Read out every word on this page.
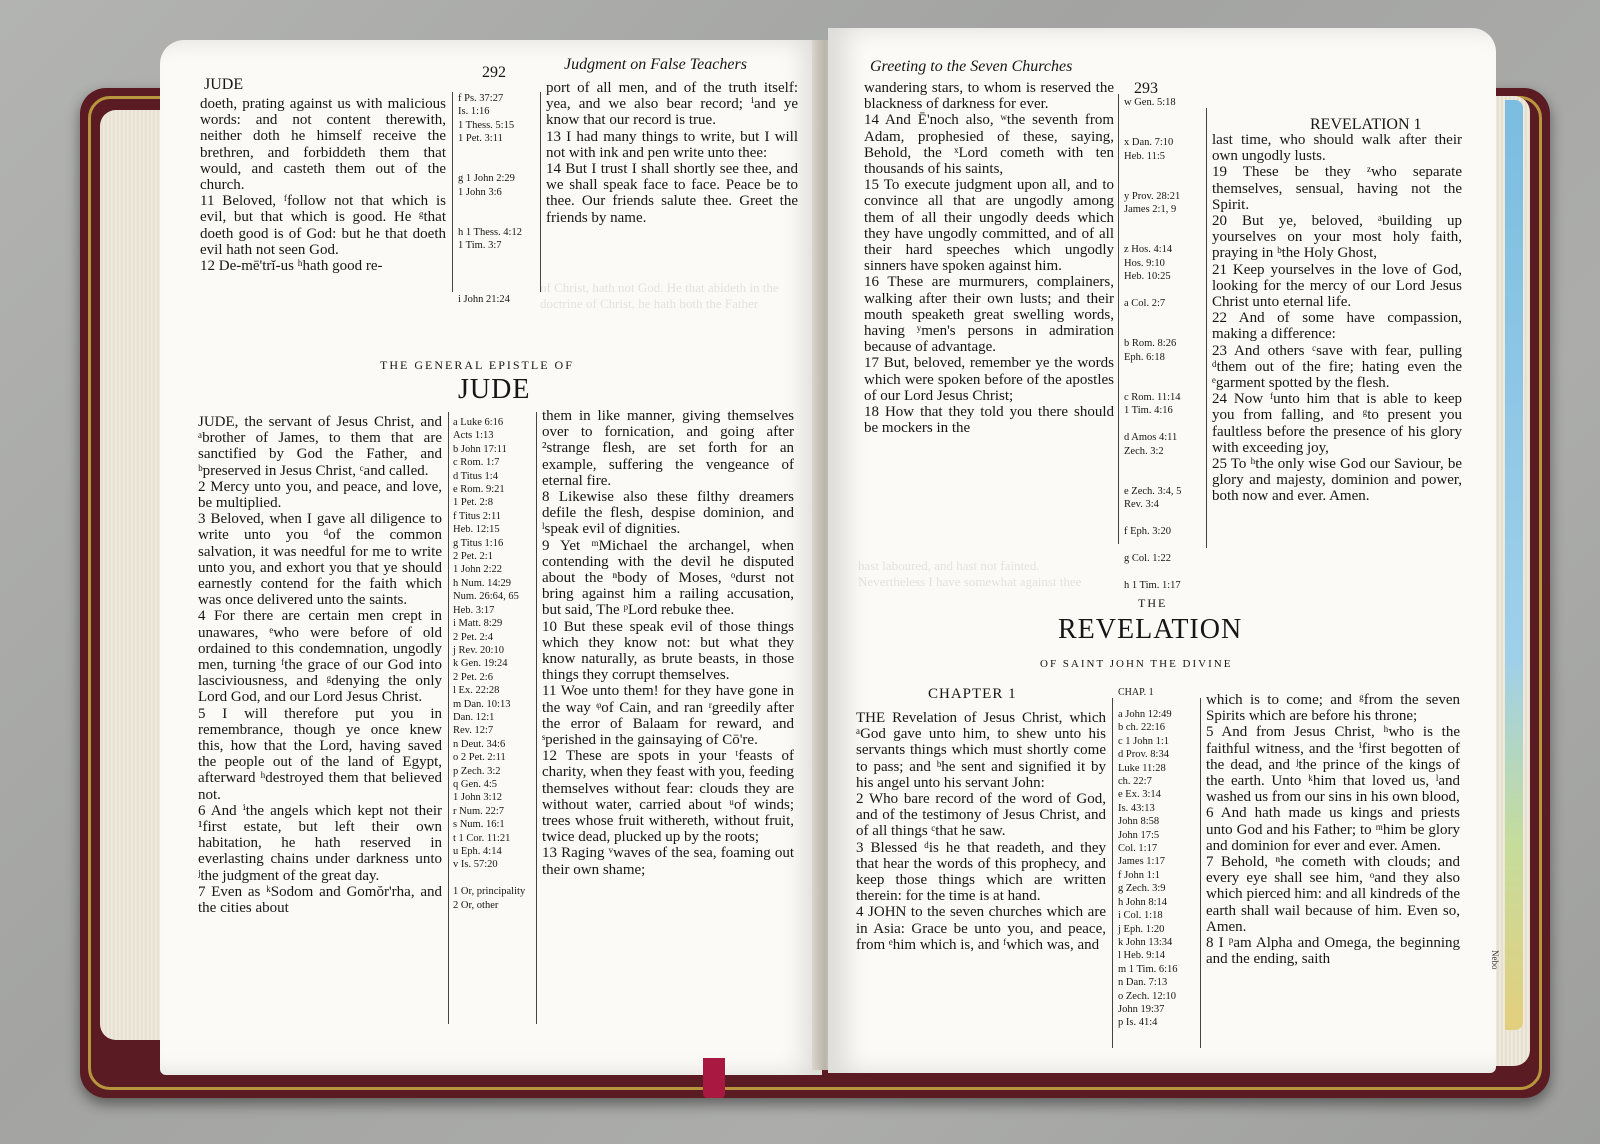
JUDE
292	Judgment on False Teachers
doeth, prating against us with malicious words: and not content therewith, neither doth he himself receive the brethren, and forbiddeth them that would, and casteth them out of the church.
11 Beloved, ᶠfollow not that which is evil, but that which is good. He ᵍthat doeth good is of God: but he that doeth evil hath not seen God.
12 De-mē'trĭ-us ʰhath good re-
f Ps. 37:27
Is. 1:16
1 Thess. 5:15
1 Pet. 3:11

g 1 John 2:29
1 John 3:6

h 1 Thess. 4:12
1 Tim. 3:7

i John 21:24
port of all men, and of the truth itself: yea, and we also bear record; ⁱand ye know that our record is true.
13 I had many things to write, but I will not with ink and pen write unto thee:
14 But I trust I shall shortly see thee, and we shall speak face to face. Peace be to thee. Our friends salute thee. Greet the friends by name.
of Christ, hath not God. He that abideth in the doctrine of Christ, he hath both the Father
THE GENERAL EPISTLE OF
JUDE
JUDE, the servant of Jesus Christ, and ᵃbrother of James, to them that are sanctified by God the Father, and ᵇpreserved in Jesus Christ, ᶜand called.
2 Mercy unto you, and peace, and love, be multiplied.
3 Beloved, when I gave all diligence to write unto you ᵈof the common salvation, it was needful for me to write unto you, and exhort you that ye should earnestly contend for the faith which was once delivered unto the saints.
4 For there are certain men crept in unawares, ᵉwho were before of old ordained to this condemnation, ungodly men, turning ᶠthe grace of our God into lasciviousness, and ᵍdenying the only Lord God, and our Lord Jesus Christ.
5 I will therefore put you in remembrance, though ye once knew this, how that the Lord, having saved the people out of the land of Egypt, afterward ʰdestroyed them that believed not.
6 And ⁱthe angels which kept not their ¹first estate, but left their own habitation, he hath reserved in everlasting chains under darkness unto ʲthe judgment of the great day.
7 Even as ᵏSodom and Gomŏr'rha, and the cities about
a Luke 6:16
Acts 1:13
b John 17:11
c Rom. 1:7
d Titus 1:4
e Rom. 9:21
1 Pet. 2:8
f Titus 2:11
Heb. 12:15
g Titus 1:16
2 Pet. 2:1
1 John 2:22
h Num. 14:29
Num. 26:64, 65
Heb. 3:17
i Matt. 8:29
2 Pet. 2:4
j Rev. 20:10
k Gen. 19:24
2 Pet. 2:6
l Ex. 22:28
m Dan. 10:13
Dan. 12:1
Rev. 12:7
n Deut. 34:6
o 2 Pet. 2:11
p Zech. 3:2
q Gen. 4:5
1 John 3:12
r Num. 22:7
s Num. 16:1
t 1 Cor. 11:21
u Eph. 4:14
v Is. 57:20

1 Or, principality
2 Or, other
them in like manner, giving themselves over to fornication, and going after ²strange flesh, are set forth for an example, suffering the vengeance of eternal fire.
8 Likewise also these filthy dreamers defile the flesh, despise dominion, and ˡspeak evil of dignities.
9 Yet ᵐMichael the archangel, when contending with the devil he disputed about the ⁿbody of Moses, ᵒdurst not bring against him a railing accusation, but said, The ᵖLord rebuke thee.
10 But these speak evil of those things which they know not: but what they know naturally, as brute beasts, in those things they corrupt themselves.
11 Woe unto them! for they have gone in the way ᵠof Cain, and ran ʳgreedily after the error of Balaam for reward, and ˢperished in the gainsaying of Cō're.
12 These are spots in your ᵗfeasts of charity, when they feast with you, feeding themselves without fear: clouds they are without water, carried about ᵘof winds; trees whose fruit withereth, without fruit, twice dead, plucked up by the roots;
13 Raging ᵛwaves of the sea, foaming out their own shame;
Greeting to the Seven Churches
293
REVELATION 1
wandering stars, to whom is reserved the blackness of darkness for ever.
14 And Ē'noch also, ʷthe seventh from Adam, prophesied of these, saying, Behold, the ˣLord cometh with ten thousands of his saints,
15 To execute judgment upon all, and to convince all that are ungodly among them of all their ungodly deeds which they have ungodly committed, and of all their hard speeches which ungodly sinners have spoken against him.
16 These are murmurers, complainers, walking after their own lusts; and their mouth speaketh great swelling words, having ʸmen's persons in admiration because of advantage.
17 But, beloved, remember ye the words which were spoken before of the apostles of our Lord Jesus Christ;
18 How that they told you there should be mockers in the
w Gen. 5:18

x Dan. 7:10
Heb. 11:5

y Prov. 28:21
James 2:1, 9

z Hos. 4:14
Hos. 9:10
Heb. 10:25

a Col. 2:7

b Rom. 8:26
Eph. 6:18

c Rom. 11:14
1 Tim. 4:16

d Amos 4:11
Zech. 3:2

e Zech. 3:4, 5
Rev. 3:4

f Eph. 3:20

g Col. 1:22

h 1 Tim. 1:17
last time, who should walk after their own ungodly lusts.
19 These be they ᶻwho separate themselves, sensual, having not the Spirit.
20 But ye, beloved, ᵃbuilding up yourselves on your most holy faith, praying in ᵇthe Holy Ghost,
21 Keep yourselves in the love of God, looking for the mercy of our Lord Jesus Christ unto eternal life.
22 And of some have compassion, making a difference:
23 And others ᶜsave with fear, pulling ᵈthem out of the fire; hating even the ᵉgarment spotted by the flesh.
24 Now ᶠunto him that is able to keep you from falling, and ᵍto present you faultless before the presence of his glory with exceeding joy,
25 To ʰthe only wise God our Saviour, be glory and majesty, dominion and power, both now and ever. Amen.
hast laboured, and hast not fainted.
Nevertheless I have somewhat against thee
THE
REVELATION
OF SAINT JOHN THE DIVINE
CHAPTER 1	CHAP. 1
THE Revelation of Jesus Christ, which ᵃGod gave unto him, to shew unto his servants things which must shortly come to pass; and ᵇhe sent and signified it by his angel unto his servant John:
2 Who bare record of the word of God, and of the testimony of Jesus Christ, and of all things ᶜthat he saw.
3 Blessed ᵈis he that readeth, and they that hear the words of this prophecy, and keep those things which are written therein: for the time is at hand.
4 JOHN to the seven churches which are in Asia: Grace be unto you, and peace, from ᵉhim which is, and ᶠwhich was, and
a John 12:49
b ch. 22:16
c 1 John 1:1
d Prov. 8:34
Luke 11:28
ch. 22:7
e Ex. 3:14
Is. 43:13
John 8:58
John 17:5
Col. 1:17
James 1:17
f John 1:1
g Zech. 3:9
h John 8:14
i Col. 1:18
j Eph. 1:20
k John 13:34
l Heb. 9:14
m 1 Tim. 6:16
n Dan. 7:13
o Zech. 12:10
John 19:37
p Is. 41:4
which is to come; and ᵍfrom the seven Spirits which are before his throne;
5 And from Jesus Christ, ʰwho is the faithful witness, and the ⁱfirst begotten of the dead, and ʲthe prince of the kings of the earth. Unto ᵏhim that loved us, ˡand washed us from our sins in his own blood,
6 And hath made us kings and priests unto God and his Father; to ᵐhim be glory and dominion for ever and ever. Amen.
7 Behold, ⁿhe cometh with clouds; and every eye shall see him, ᵒand they also which pierced him: and all kindreds of the earth shall wail because of him. Even so, Amen.
8 I ᵖam Alpha and Omega, the beginning and the ending, saith	Nebo
